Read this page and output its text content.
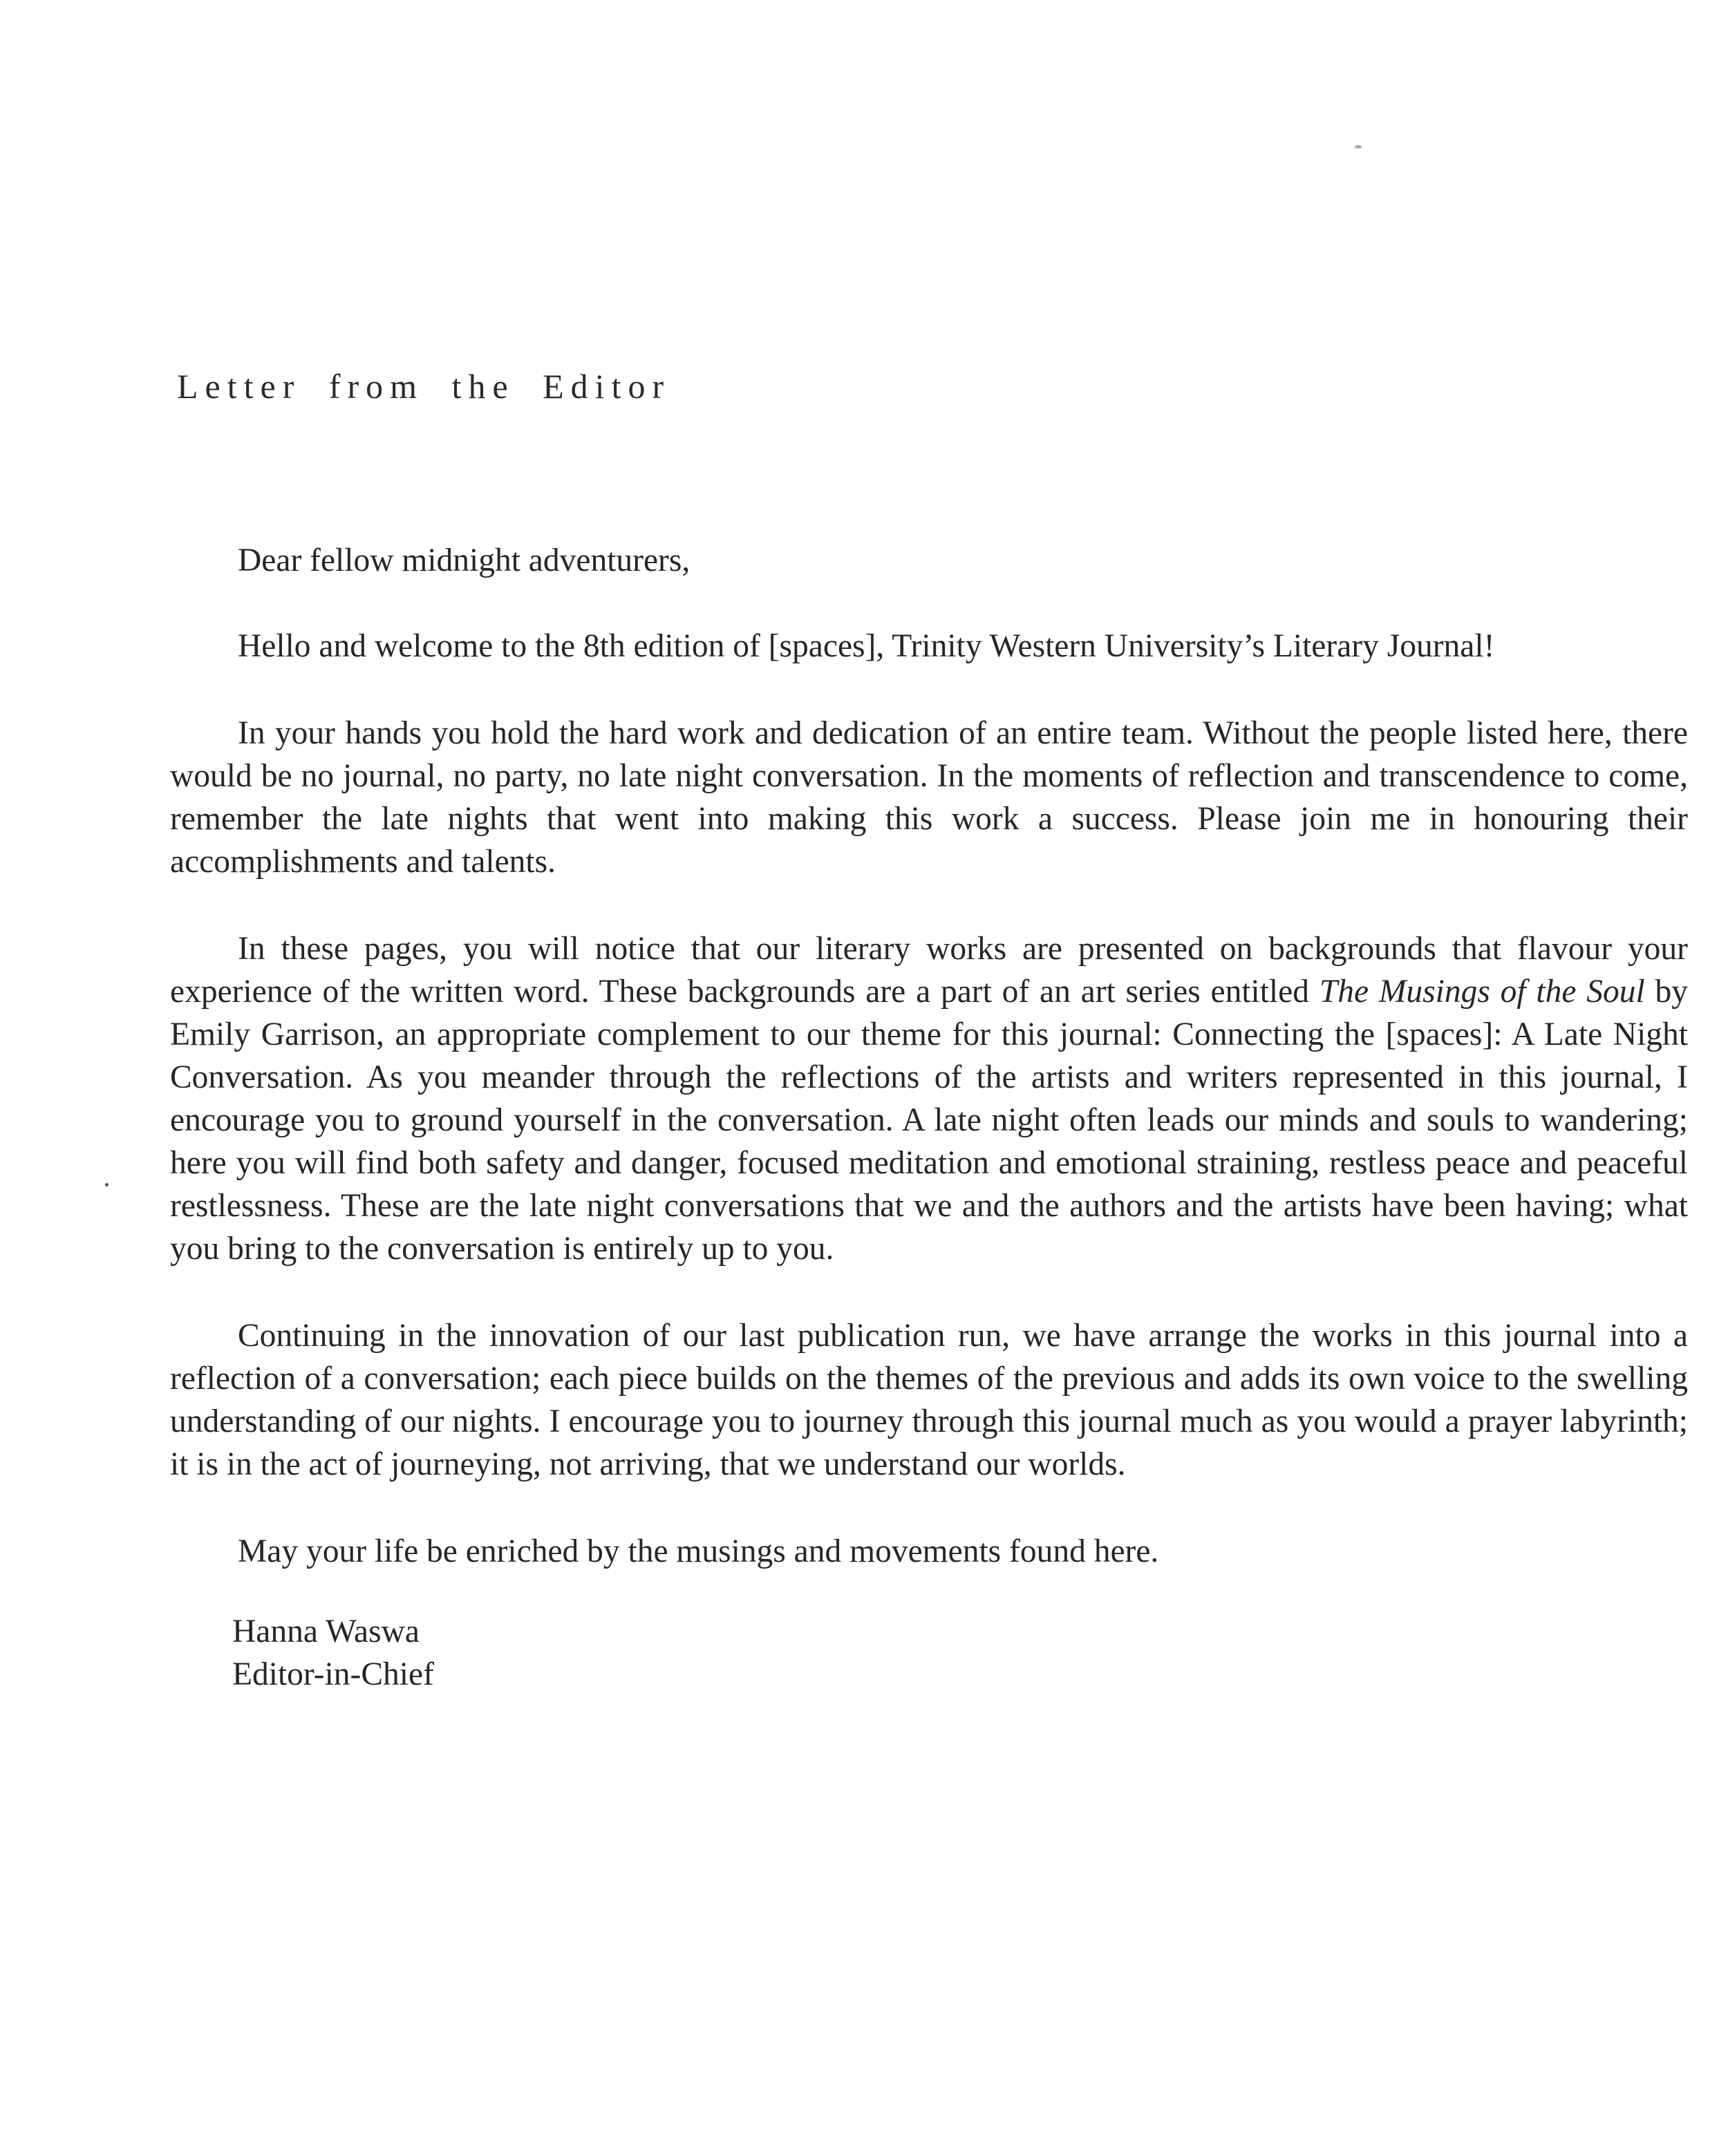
Letter from the Editor

Dear fellow midnight adventurers,

Hello and welcome to the 8th edition of [spaces], Trinity Western University’s Literary Journal!

In your hands you hold the hard work and dedication of an entire team. Without the people listed here, there would be no journal, no party, no late night conversation. In the moments of reflection and transcendence to come, remember the late nights that went into making this work a success. Please join me in honouring their accomplishments and talents.

In these pages, you will notice that our literary works are presented on backgrounds that flavour your experience of the written word. These backgrounds are a part of an art series entitled The Musings of the Soul by Emily Garrison, an appropriate complement to our theme for this journal: Connecting the [spaces]: A Late Night Conversation. As you meander through the reflections of the artists and writers represented in this journal, I encourage you to ground yourself in the conversation. A late night often leads our minds and souls to wandering; here you will find both safety and danger, focused meditation and emotional straining, restless peace and peaceful restlessness. These are the late night conversations that we and the authors and the artists have been having; what you bring to the conversation is entirely up to you.

Continuing in the innovation of our last publication run, we have arrange the works in this journal into a reflection of a conversation; each piece builds on the themes of the previous and adds its own voice to the swelling understanding of our nights. I encourage you to journey through this journal much as you would a prayer labyrinth; it is in the act of journeying, not arriving, that we understand our worlds.

May your life be enriched by the musings and movements found here.

Hanna Waswa
Editor-in-Chief
